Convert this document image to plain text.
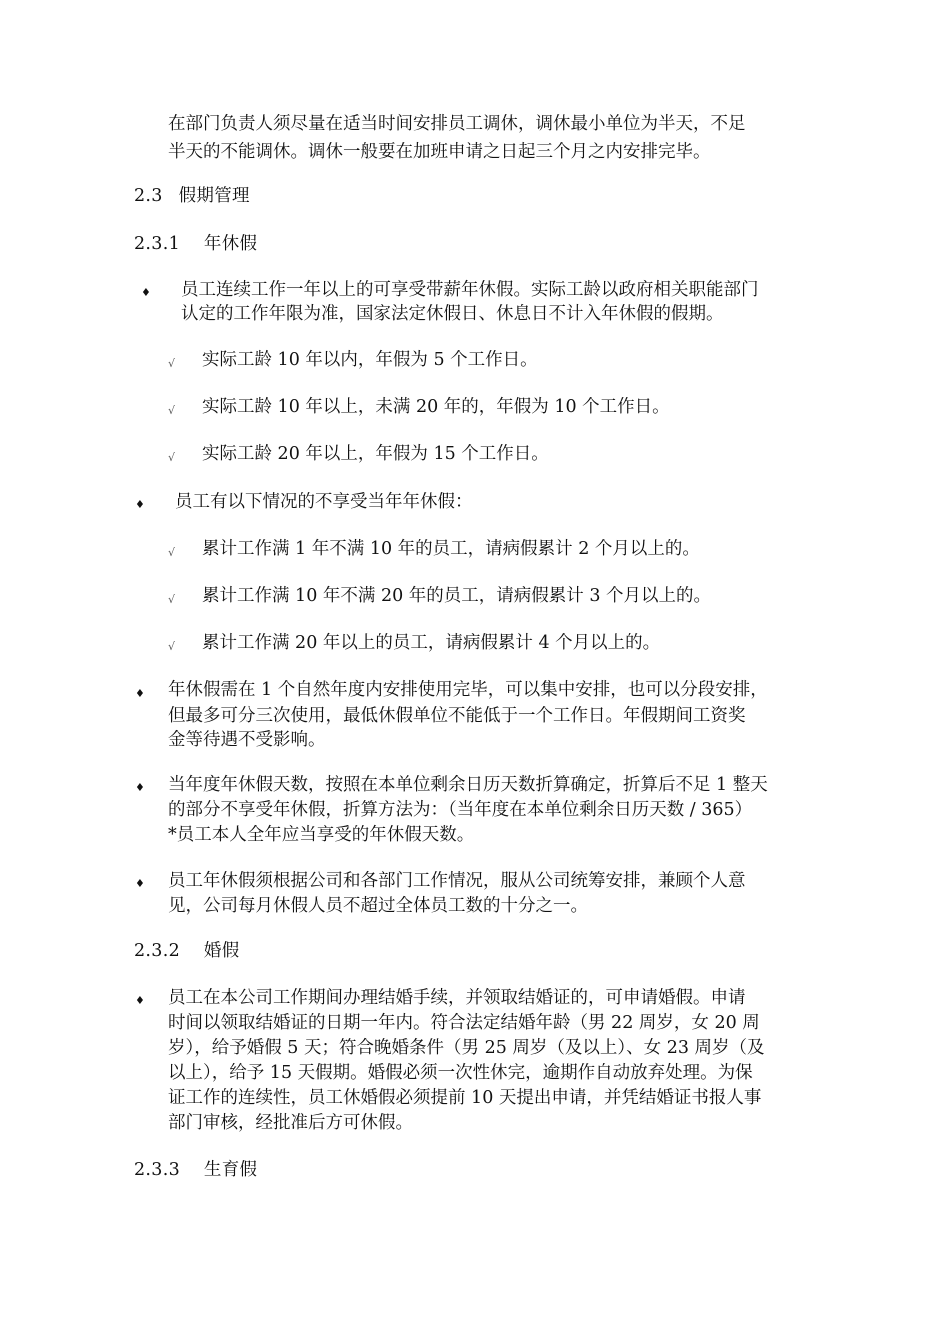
在部门负责人须尽量在适当时间安排员工调休，调休最小单位为半天，不足
半天的不能调休。调休一般要在加班申请之日起三个月之内安排完毕。
2.3 假期管理
2.3.1 年休假
♦ 员工连续工作一年以上的可享受带薪年休假。实际工龄以政府相关职能部门
认定的工作年限为准，国家法定休假日、休息日不计入年休假的假期。
√ 实际工龄 10 年以内，年假为 5 个工作日。
√ 实际工龄 10 年以上，未满 20 年的，年假为 10 个工作日。
√ 实际工龄 20 年以上，年假为 15 个工作日。
♦ 员工有以下情况的不享受当年年休假：
√ 累计工作满 1 年不满 10 年的员工，请病假累计 2 个月以上的。
√ 累计工作满 10 年不满 20 年的员工，请病假累计 3 个月以上的。
√ 累计工作满 20 年以上的员工，请病假累计 4 个月以上的。
♦ 年休假需在 1 个自然年度内安排使用完毕，可以集中安排，也可以分段安排，
但最多可分三次使用，最低休假单位不能低于一个工作日。年假期间工资奖
金等待遇不受影响。
♦ 当年度年休假天数，按照在本单位剩余日历天数折算确定，折算后不足 1 整天
的部分不享受年休假，折算方法为：（当年度在本单位剩余日历天数 / 365）
*员工本人全年应当享受的年休假天数。
♦ 员工年休假须根据公司和各部门工作情况，服从公司统筹安排，兼顾个人意
见，公司每月休假人员不超过全体员工数的十分之一。
2.3.2 婚假
♦ 员工在本公司工作期间办理结婚手续，并领取结婚证的，可申请婚假。申请
时间以领取结婚证的日期一年内。符合法定结婚年龄（男 22 周岁，女 20 周
岁），给予婚假 5 天；符合晚婚条件（男 25 周岁（及以上）、女 23 周岁（及
以上），给予 15 天假期。婚假必须一次性休完，逾期作自动放弃处理。为保
证工作的连续性，员工休婚假必须提前 10 天提出申请，并凭结婚证书报人事
部门审核，经批准后方可休假。
2.3.3 生育假
